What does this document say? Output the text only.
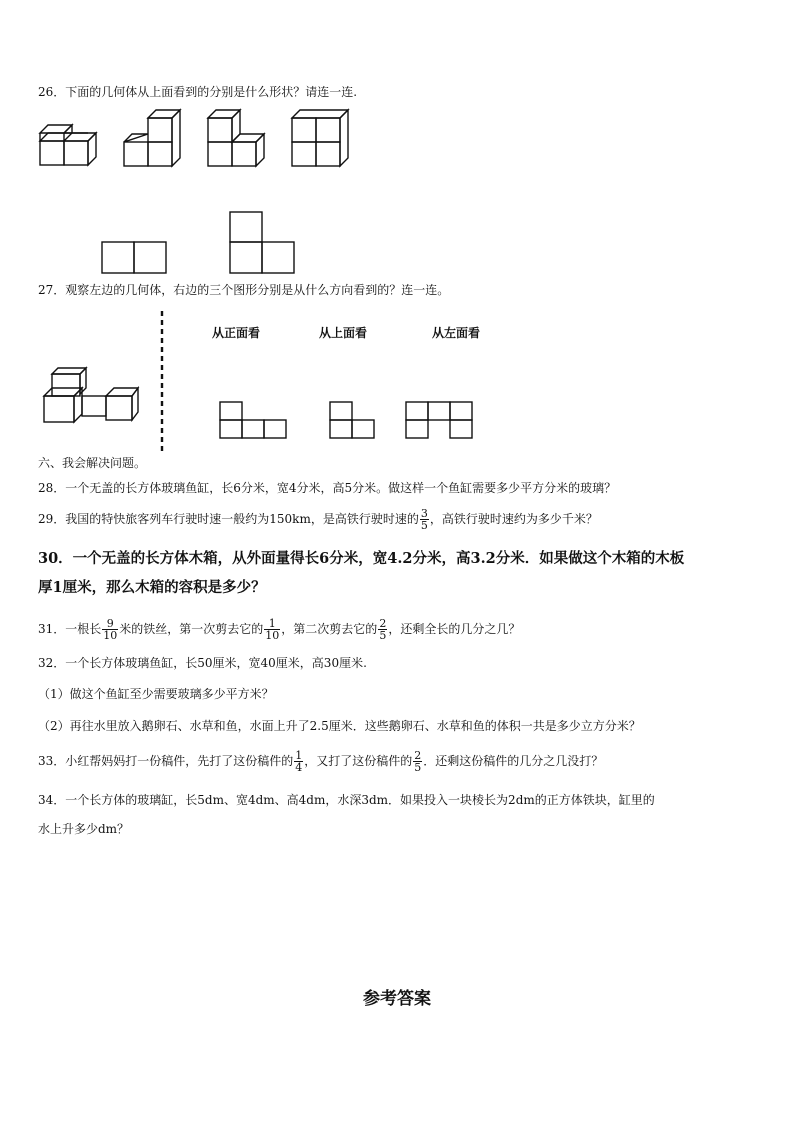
26．下面的几何体从上面看到的分别是什么形状？请连一连.
27．观察左边的几何体，右边的三个图形分别是从什么方向看到的？连一连。
从正面看	从上面看	从左面看
六、我会解决问题。
28．一个无盖的长方体玻璃鱼缸，长6分米，宽4分米，高5分米。做这样一个鱼缸需要多少平方分米的玻璃？
29．我国的特快旅客列车行驶时速一般约为150km，是高铁行驶时速的 $\frac{3}{5}$ ，高铁行驶时速约为多少千米？
30．一个无盖的长方体木箱，从外面量得长6分米，宽4.2分米，高3.2分米．如果做这个木箱的木板
厚1厘米，那么木箱的容积是多少？
31．一根长 $\frac{9}{10}$ 米的铁丝，第一次剪去它的 $\frac{1}{10}$ ，第二次剪去它的 $\frac{2}{5}$ ，还剩全长的几分之几？
32．一个长方体玻璃鱼缸，长50厘米，宽40厘米，高30厘米.
（1）做这个鱼缸至少需要玻璃多少平方米？
（2）再往水里放入鹅卵石、水草和鱼，水面上升了2.5厘米．这些鹅卵石、水草和鱼的体积一共是多少立方分米？
33．小红帮妈妈打一份稿件，先打了这份稿件的 $\frac{1}{4}$ ，又打了这份稿件的 $\frac{2}{5}$ ．还剩这份稿件的几分之几没打？
34．一个长方体的玻璃缸，长5dm、宽4dm、高4dm，水深3dm．如果投入一块棱长为2dm的正方体铁块，缸里的
水上升多少dm？
参考答案
